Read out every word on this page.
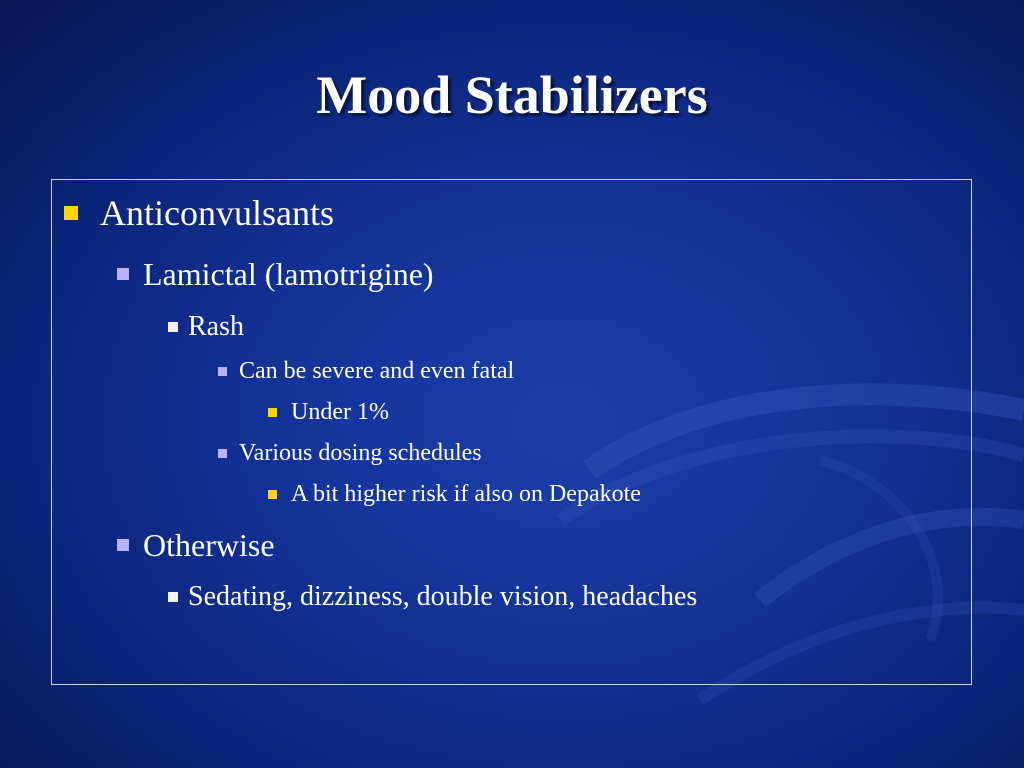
Mood Stabilizers
Anticonvulsants
Lamictal (lamotrigine)
Rash
Can be severe and even fatal
Under 1%
Various dosing schedules
A bit higher risk if also on Depakote
Otherwise
Sedating, dizziness, double vision, headaches
